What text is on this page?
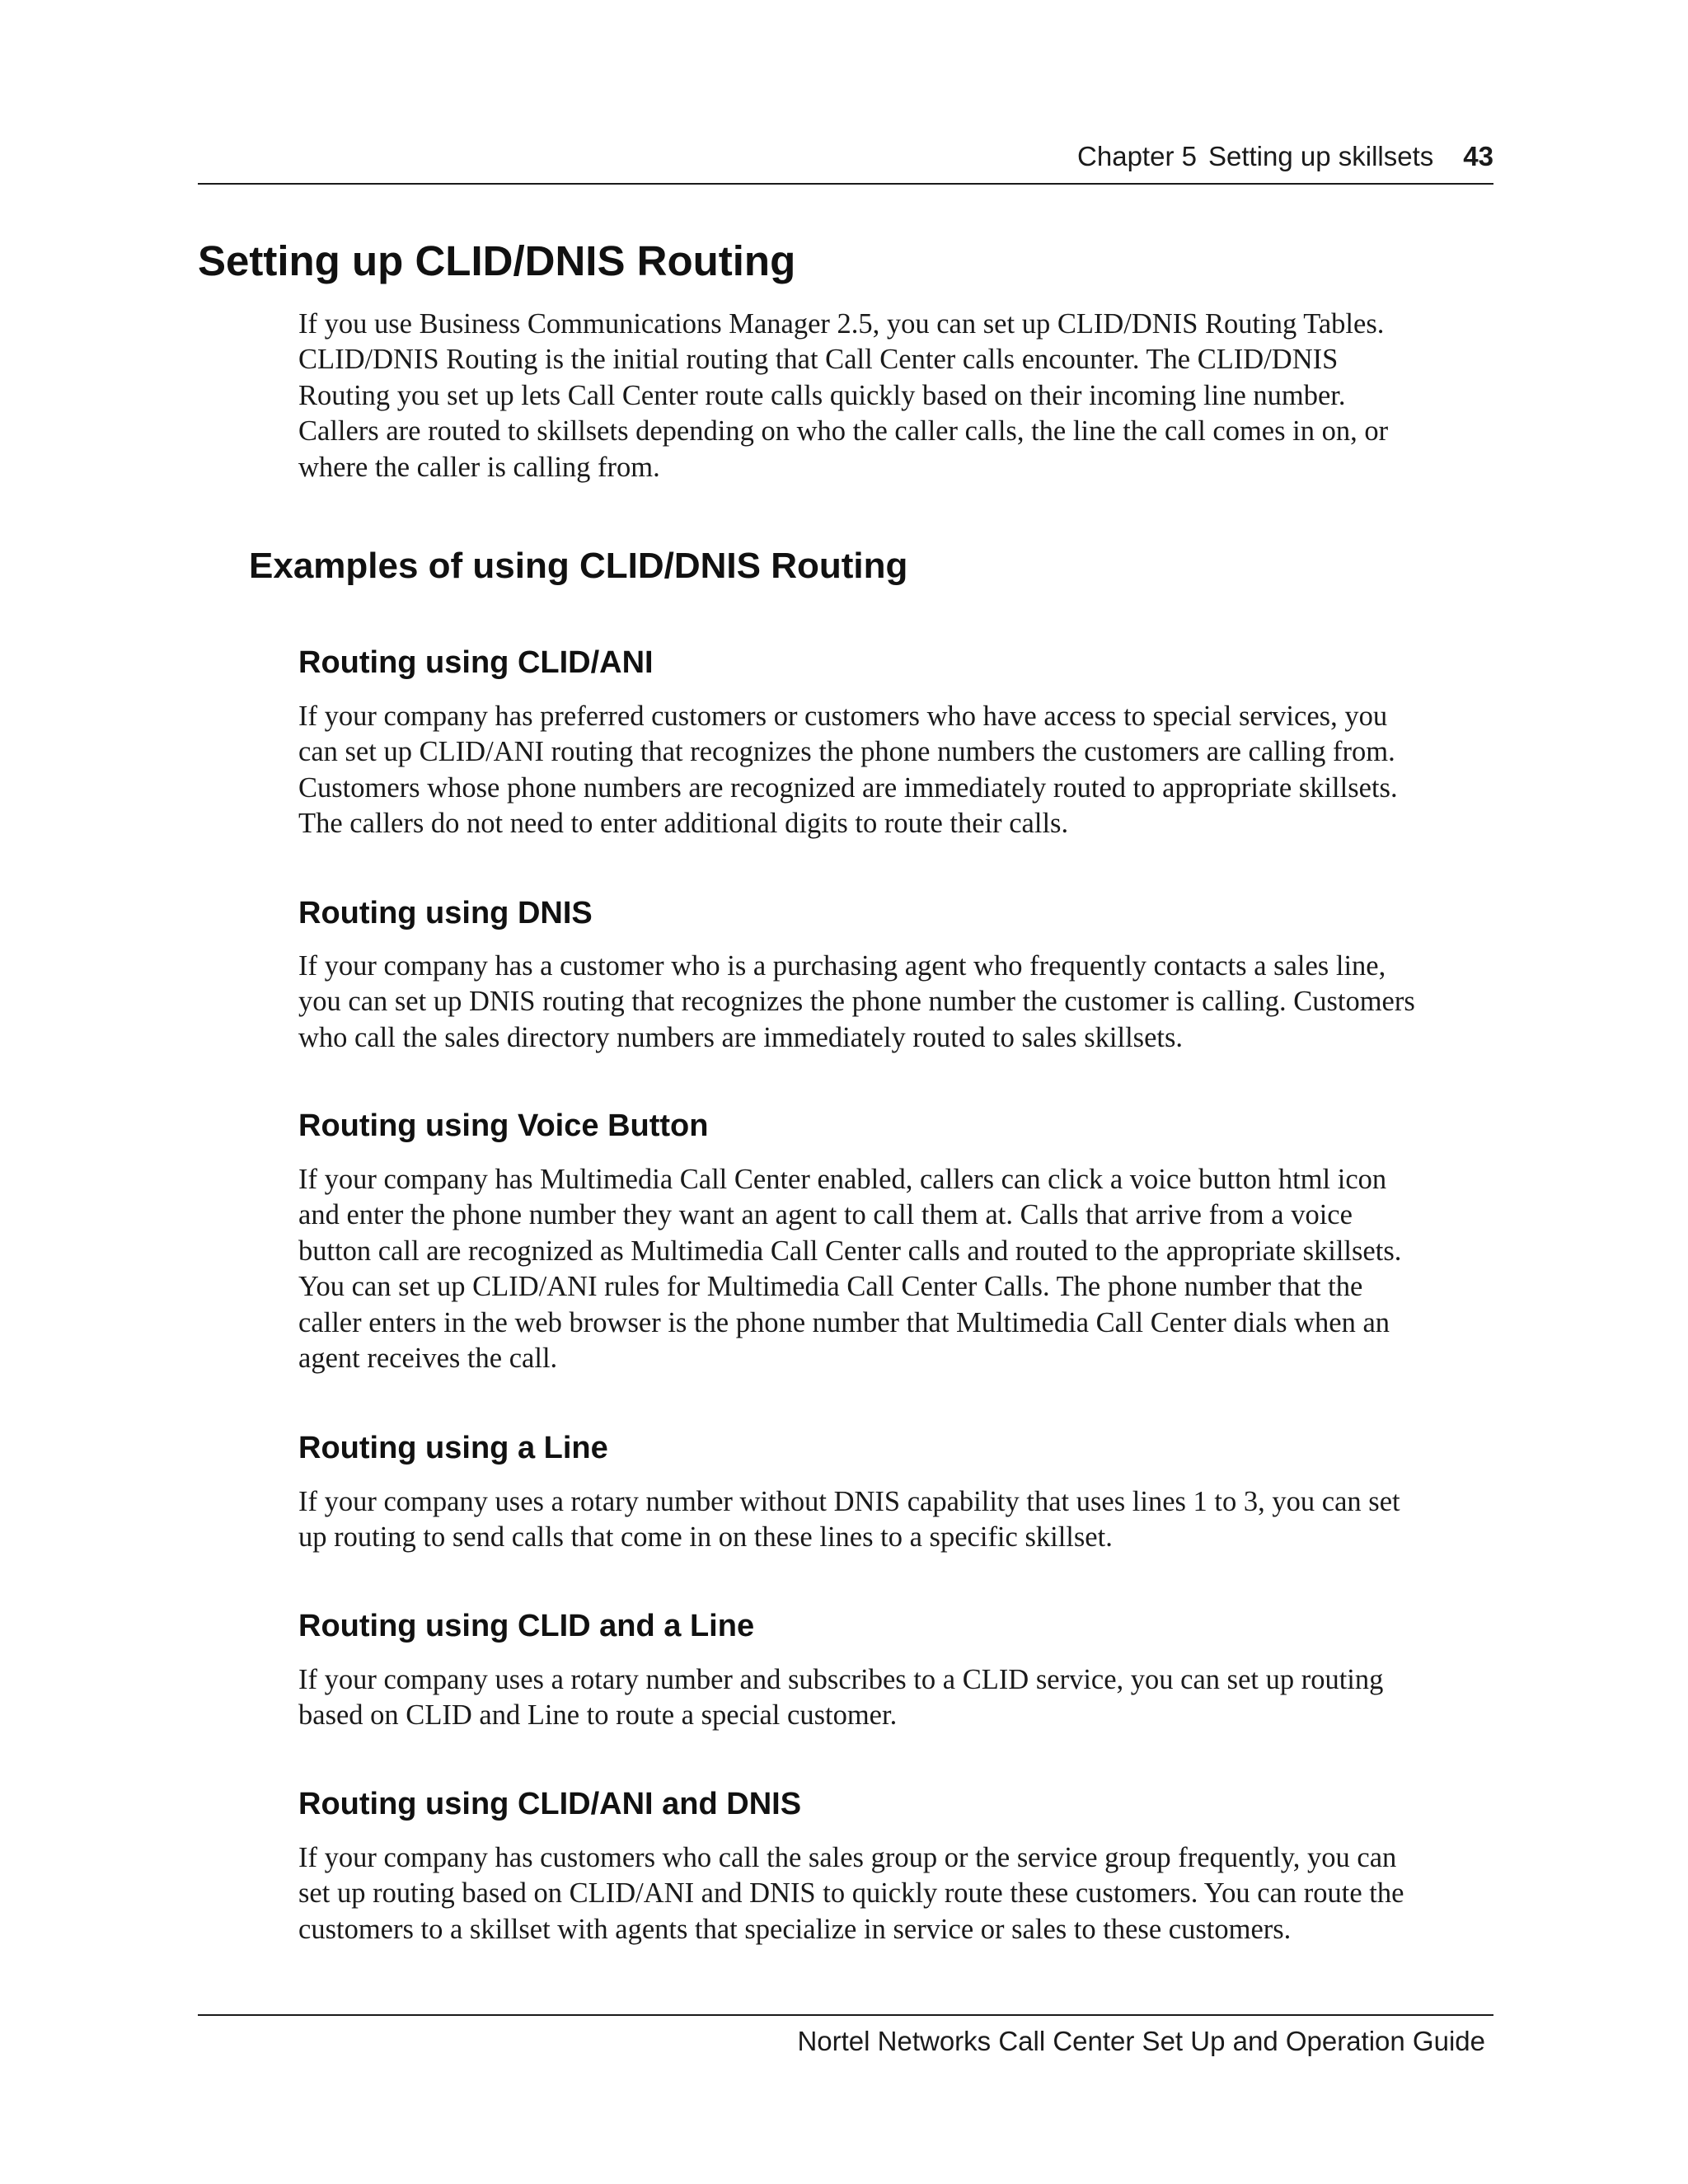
Chapter 5 Setting up skillsets 43
Setting up CLID/DNIS Routing
If you use Business Communications Manager 2.5, you can set up CLID/DNIS Routing Tables.
CLID/DNIS Routing is the initial routing that Call Center calls encounter. The CLID/DNIS
Routing you set up lets Call Center route calls quickly based on their incoming line number.
Callers are routed to skillsets depending on who the caller calls, the line the call comes in on, or
where the caller is calling from.
Examples of using CLID/DNIS Routing
Routing using CLID/ANI
If your company has preferred customers or customers who have access to special services, you
can set up CLID/ANI routing that recognizes the phone numbers the customers are calling from.
Customers whose phone numbers are recognized are immediately routed to appropriate skillsets.
The callers do not need to enter additional digits to route their calls.
Routing using DNIS
If your company has a customer who is a purchasing agent who frequently contacts a sales line,
you can set up DNIS routing that recognizes the phone number the customer is calling. Customers
who call the sales directory numbers are immediately routed to sales skillsets.
Routing using Voice Button
If your company has Multimedia Call Center enabled, callers can click a voice button html icon
and enter the phone number they want an agent to call them at. Calls that arrive from a voice
button call are recognized as Multimedia Call Center calls and routed to the appropriate skillsets.
You can set up CLID/ANI rules for Multimedia Call Center Calls. The phone number that the
caller enters in the web browser is the phone number that Multimedia Call Center dials when an
agent receives the call.
Routing using a Line
If your company uses a rotary number without DNIS capability that uses lines 1 to 3, you can set
up routing to send calls that come in on these lines to a specific skillset.
Routing using CLID and a Line
If your company uses a rotary number and subscribes to a CLID service, you can set up routing
based on CLID and Line to route a special customer.
Routing using CLID/ANI and DNIS
If your company has customers who call the sales group or the service group frequently, you can
set up routing based on CLID/ANI and DNIS to quickly route these customers. You can route the
customers to a skillset with agents that specialize in service or sales to these customers.
Nortel Networks Call Center Set Up and Operation Guide
